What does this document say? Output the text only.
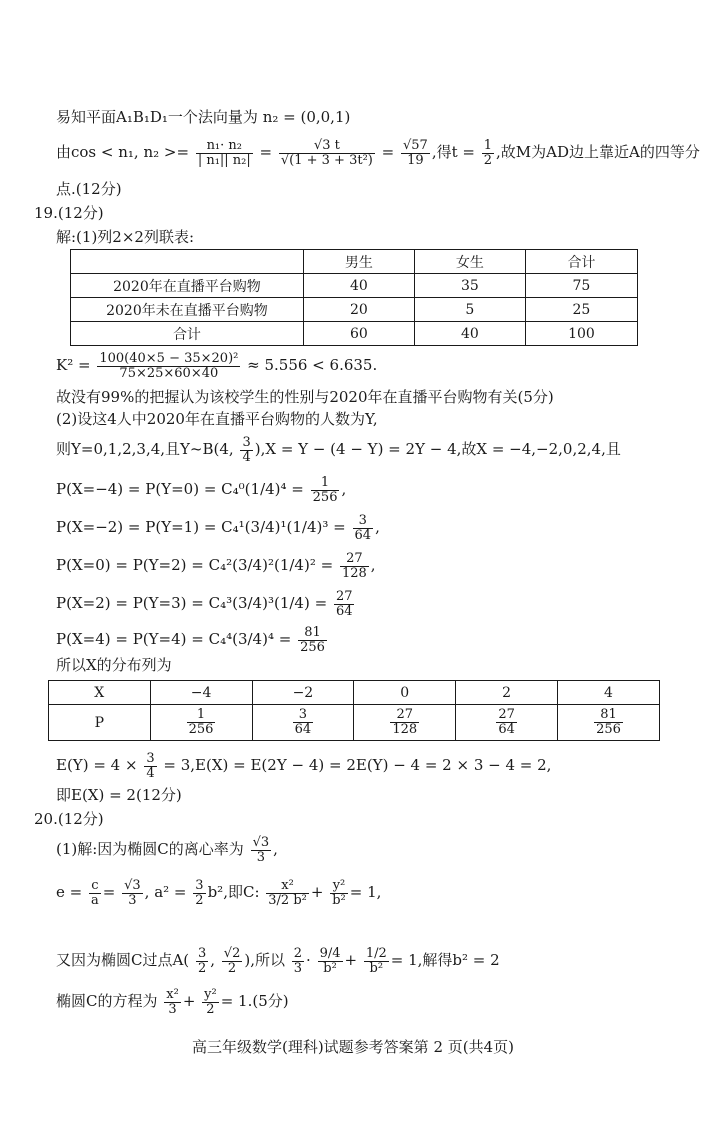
易知平面A₁B₁D₁一个法向量为 n₂ = (0,0,1)
由cos < n₁, $n_2 >= \frac{\text{n₁· n₂}}{\text{| n₁|| n₂|}} = \frac{√3 t}{\text{√(1 + 3 + 3t²)}} = \frac{√57}{19}$ ,得$t = \frac{1}{2}$ ,故M为AD边上靠近A的四等分
点.(12分)
19.(12分)
解:(1)列2×2列联表:
	男生	女生	合计
2020年在直播平台购物	40	35	75
2020年未在直播平台购物	20	5	25
合计	60	40	100
$K^2 = \frac{\text{100(40×5 − 35×20)²}}{75\times 25\times 60\times 40} \approx 5.556 < 6.635$.
故没有99%的把握认为该校学生的性别与2020年在直播平台购物有关(5分)
(2)设这4人中2020年在直播平台购物的人数为Y,
则Y=0,1,2,3,4,且Y~B(4, $\frac{3}{4} ),X = Y - (4 - Y) = 2Y - 4$,故X = −4,−2,0,2,4,且
$P(X=-4) = P(Y=0) = C_4^0(1/4)^4 = \frac{1}{256}$ ,
$P(X=-2) = P(Y=1) = C_4^1(3/4)^1(1/4)^3 = \frac{3}{64}$ ,
$P(X=0) = P(Y=2) = C_4^2(3/4)^2(1/4)^2 = \frac{27}{128}$ ,
$P(X=2) = P(Y=3) = C_4^3(3/4)^3(1/4) = \frac{27}{64}$
$P(X=4) = P(Y=4) = C_4^4(3/4)^4 = \frac{81}{256}$
所以X的分布列为
X	−4	−2	0	2	4
P	$\frac{1}{256}$	$\frac{3}{64}$	$\frac{27}{128}$	$\frac{27}{64}$	$\frac{81}{256}$
$E(Y) = 4 \times \frac{3}{4} = 3,E(X) = E(2Y - 4) = 2E(Y) - 4 = 2 \times 3 - 4 = 2$,
即E(X) = 2(12分)
20.(12分)
(1)解:因为椭圆C的离心率为 $\frac{√3}{3}$ ,
$e = \frac{c}{a} = \frac{√3}{3}$ , $a^2 = \frac{3}{2} b^2$,即C: $\frac{\text{x²}}{\text{3/2 b²}} + \frac{\text{y²}}{\text{b²}} = 1$,
又因为椭圆C过点$A( \frac{3}{2}$ , $\frac{√2}{2}$ ),所以 $\frac{2}{3} \cdot \frac{9/4}{\text{b²}} + \frac{1/2}{\text{b²}} = 1$,解得b² = 2
椭圆C的方程为 $\frac{\text{x²}}{3} + \frac{\text{y²}}{2} = 1.(5$分)
高三年级数学(理科)试题参考答案第 2 页(共4页)
